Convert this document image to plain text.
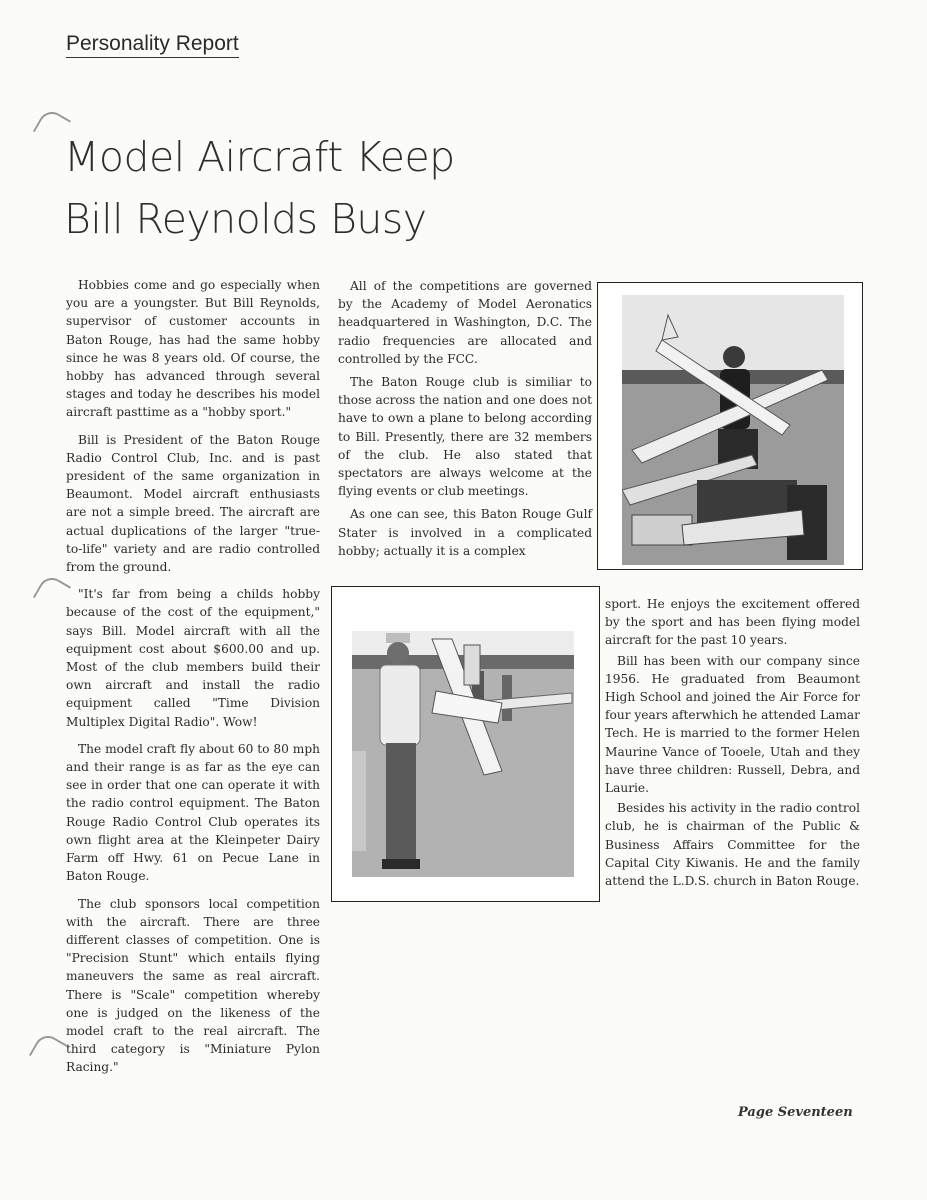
Personality Report
Model Aircraft Keep
Bill Reynolds Busy

Hobbies come and go especially when you are a youngster. But Bill Reynolds, supervisor of customer accounts in Baton Rouge, has had the same hobby since he was 8 years old. Of course, the hobby has advanced through several stages and today he describes his model aircraft pasttime as a "hobby sport."

Bill is President of the Baton Rouge Radio Control Club, Inc. and is past president of the same organization in Beaumont. Model aircraft enthusiasts are not a simple breed. The aircraft are actual duplications of the larger "true-to-life" variety and are radio controlled from the ground.

"It's far from being a childs hobby because of the cost of the equipment," says Bill. Model aircraft with all the equipment cost about $600.00 and up. Most of the club members build their own aircraft and install the radio equipment called "Time Division Multiplex Digital Radio". Wow!

The model craft fly about 60 to 80 mph and their range is as far as the eye can see in order that one can operate it with the radio control equipment. The Baton Rouge Radio Control Club operates its own flight area at the Kleinpeter Dairy Farm off Hwy. 61 on Pecue Lane in Baton Rouge.

The club sponsors local competition with the aircraft. There are three different classes of competition. One is "Precision Stunt" which entails flying maneuvers the same as real aircraft. There is "Scale" competition whereby one is judged on the likeness of the model craft to the real aircraft. The third category is "Miniature Pylon Racing."

All of the competitions are governed by the Academy of Model Aeronatics headquartered in Washington, D.C. The radio frequencies are allocated and controlled by the FCC.

The Baton Rouge club is similiar to those across the nation and one does not have to own a plane to belong according to Bill. Presently, there are 32 members of the club. He also stated that spectators are always welcome at the flying events or club meetings.

As one can see, this Baton Rouge Gulf Stater is involved in a complicated hobby; actually it is a complex

sport. He enjoys the excitement offered by the sport and has been flying model aircraft for the past 10 years.

Bill has been with our company since 1956. He graduated from Beaumont High School and joined the Air Force for four years afterwhich he attended Lamar Tech. He is married to the former Helen Maurine Vance of Tooele, Utah and they have three children: Russell, Debra, and Laurie.

Besides his activity in the radio control club, he is chairman of the Public & Business Affairs Committee for the Capital City Kiwanis. He and the family attend the L.D.S. church in Baton Rouge.

Page Seventeen
